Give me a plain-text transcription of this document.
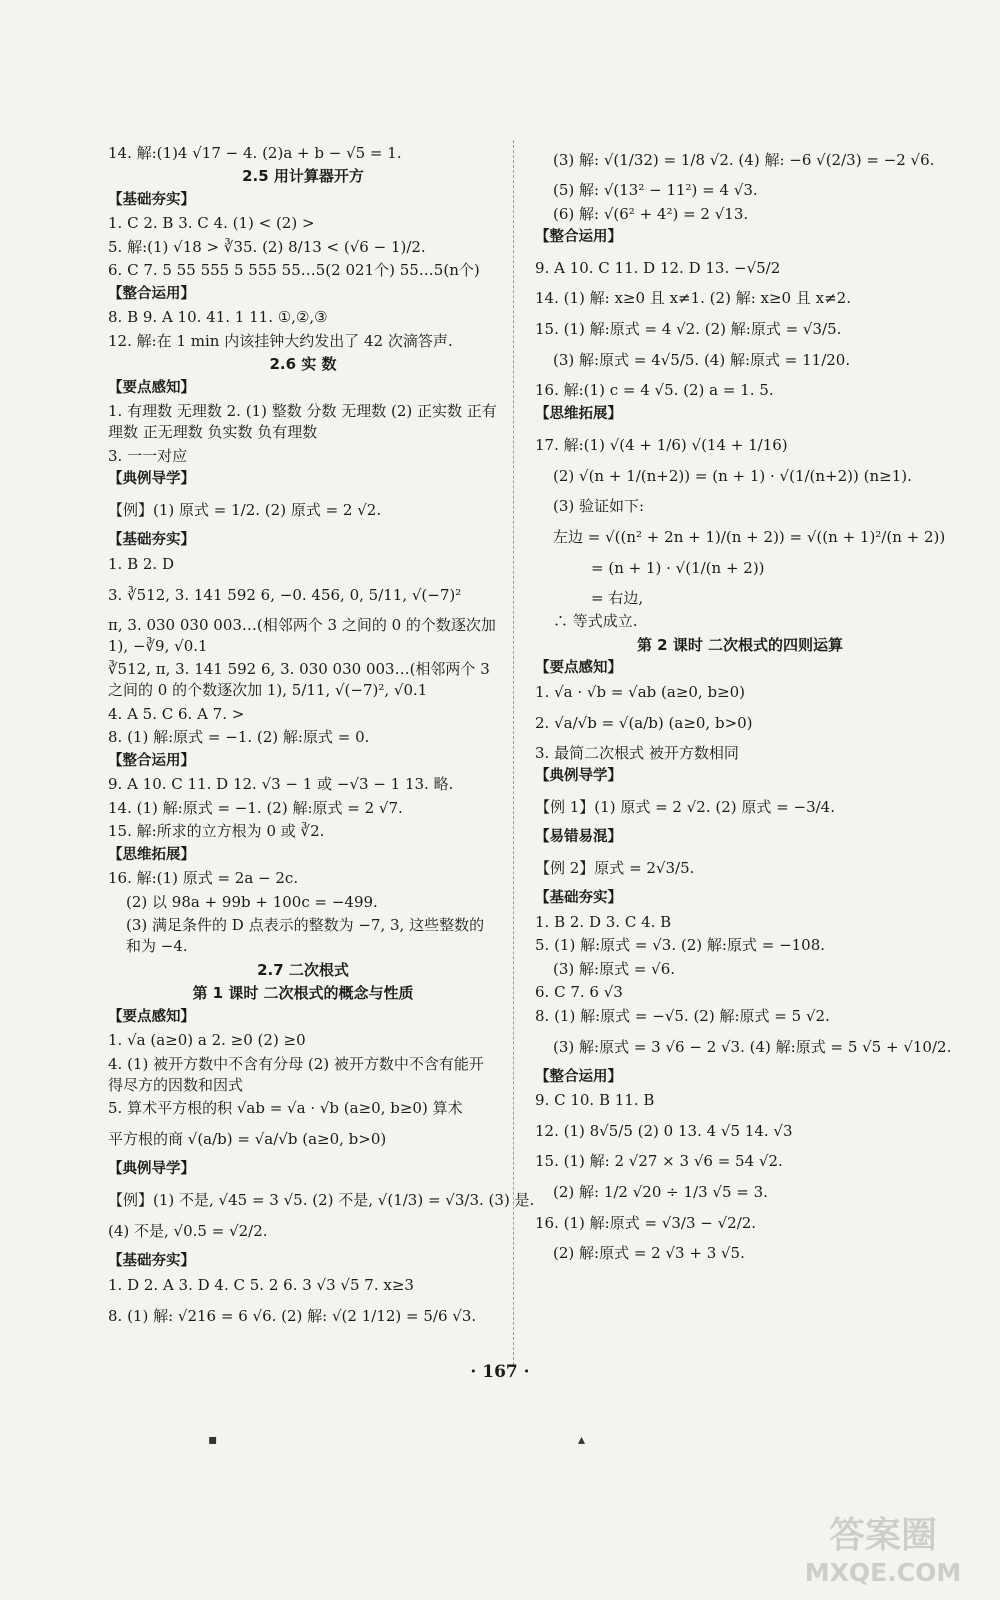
14. 解:(1)4 √17 − 4. (2)a + b − √5 = 1.
2.5 用计算器开方
【基础夯实】
1. C 2. B 3. C 4. (1) < (2) >
5. 解:(1) √18 > ∛35. (2) 8/13 < (√6 − 1)/2.
6. C 7. 5 55 555 5 555 55…5(2 021个) 55…5(n个)
【整合运用】
8. B 9. A 10. 41. 1 11. ①,②,③
12. 解:在 1 min 内该挂钟大约发出了 42 次滴答声.
2.6 实 数
【要点感知】
1. 有理数 无理数 2. (1) 整数 分数 无理数 (2) 正实数 正有理数 正无理数 负实数 负有理数
3. 一一对应
【典例导学】
【例】(1) 原式 = 1/2. (2) 原式 = 2 √2.
【基础夯实】
1. B 2. D
3. ∛512, 3. 141 592 6, −0. 456, 0, 5/11, √(−7)²
π, 3. 030 030 003…(相邻两个 3 之间的 0 的个数逐次加 1), −∛9, √0.1
∛512, π, 3. 141 592 6, 3. 030 030 003…(相邻两个 3 之间的 0 的个数逐次加 1), 5/11, √(−7)², √0.1
4. A 5. C 6. A 7. >
8. (1) 解:原式 = −1. (2) 解:原式 = 0.
【整合运用】
9. A 10. C 11. D 12. √3 − 1 或 −√3 − 1 13. 略.
14. (1) 解:原式 = −1. (2) 解:原式 = 2 √7.
15. 解:所求的立方根为 0 或 ∛2.
【思维拓展】
16. 解:(1) 原式 = 2a − 2c.
(2) 以 98a + 99b + 100c = −499.
(3) 满足条件的 D 点表示的整数为 −7, 3, 这些整数的和为 −4.
2.7 二次根式
第 1 课时 二次根式的概念与性质
【要点感知】
1. √a (a≥0) a 2. ≥0 (2) ≥0
4. (1) 被开方数中不含有分母 (2) 被开方数中不含有能开得尽方的因数和因式
5. 算术平方根的积 √ab = √a · √b (a≥0, b≥0) 算术
平方根的商 √(a/b) = √a/√b (a≥0, b>0)
【典例导学】
【例】(1) 不是, √45 = 3 √5. (2) 不是, √(1/3) = √3/3. (3) 是.
(4) 不是, √0.5 = √2/2.
【基础夯实】
1. D 2. A 3. D 4. C 5. 2 6. 3 √3 √5 7. x≥3
8. (1) 解: √216 = 6 √6. (2) 解: √(2 1/12) = 5/6 √3.
(3) 解: √(1/32) = 1/8 √2. (4) 解: −6 √(2/3) = −2 √6.
(5) 解: √(13² − 11²) = 4 √3.
(6) 解: √(6² + 4²) = 2 √13.
【整合运用】
9. A 10. C 11. D 12. D 13. −√5/2
14. (1) 解: x≥0 且 x≠1. (2) 解: x≥0 且 x≠2.
15. (1) 解:原式 = 4 √2. (2) 解:原式 = √3/5.
(3) 解:原式 = 4√5/5. (4) 解:原式 = 11/20.
16. 解:(1) c = 4 √5. (2) a = 1. 5.
【思维拓展】
17. 解:(1) √(4 + 1/6) √(14 + 1/16)
(2) √(n + 1/(n+2)) = (n + 1) · √(1/(n+2)) (n≥1).
(3) 验证如下:
左边 = √((n² + 2n + 1)/(n + 2)) = √((n + 1)²/(n + 2))
= (n + 1) · √(1/(n + 2))
= 右边,
∴ 等式成立.
第 2 课时 二次根式的四则运算
【要点感知】
1. √a · √b = √ab (a≥0, b≥0)
2. √a/√b = √(a/b) (a≥0, b>0)
3. 最简二次根式 被开方数相同
【典例导学】
【例 1】(1) 原式 = 2 √2. (2) 原式 = −3/4.
【易错易混】
【例 2】原式 = 2√3/5.
【基础夯实】
1. B 2. D 3. C 4. B
5. (1) 解:原式 = √3. (2) 解:原式 = −108.
(3) 解:原式 = √6.
6. C 7. 6 √3
8. (1) 解:原式 = −√5. (2) 解:原式 = 5 √2.
(3) 解:原式 = 3 √6 − 2 √3. (4) 解:原式 = 5 √5 + √10/2.
【整合运用】
9. C 10. B 11. B
12. (1) 8√5/5 (2) 0 13. 4 √5 14. √3
15. (1) 解: 2 √27 × 3 √6 = 54 √2.
(2) 解: 1/2 √20 ÷ 1/3 √5 = 3.
16. (1) 解:原式 = √3/3 − √2/2.
(2) 解:原式 = 2 √3 + 3 √5.
· 167 ·
▪	▴
答案圈
MXQE.COM
